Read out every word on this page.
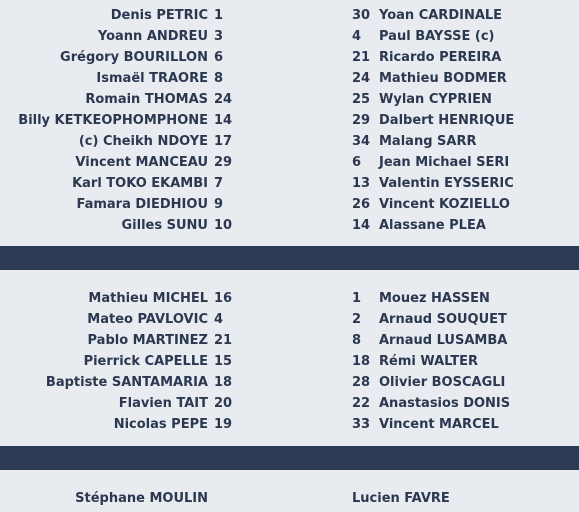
Denis PETRIC 1
Yoann ANDREU 3
Grégory BOURILLON 6
Ismaël TRAORE 8
Romain THOMAS 24
Billy KETKEOPHOMPHONE 14
(c) Cheikh NDOYE 17
Vincent MANCEAU 29
Karl TOKO EKAMBI 7
Famara DIEDHIOU 9
Gilles SUNU 10
30 Yoan CARDINALE
4 Paul BAYSSE (c)
21 Ricardo PEREIRA
24 Mathieu BODMER
25 Wylan CYPRIEN
29 Dalbert HENRIQUE
34 Malang SARR
6 Jean Michael SERI
13 Valentin EYSSERIC
26 Vincent KOZIELLO
14 Alassane PLEA
Mathieu MICHEL 16
Mateo PAVLOVIC 4
Pablo MARTINEZ 21
Pierrick CAPELLE 15
Baptiste SANTAMARIA 18
Flavien TAIT 20
Nicolas PEPE 19
1 Mouez HASSEN
2 Arnaud SOUQUET
8 Arnaud LUSAMBA
18 Rémi WALTER
28 Olivier BOSCAGLI
22 Anastasios DONIS
33 Vincent MARCEL
Stéphane MOULIN	Lucien FAVRE
